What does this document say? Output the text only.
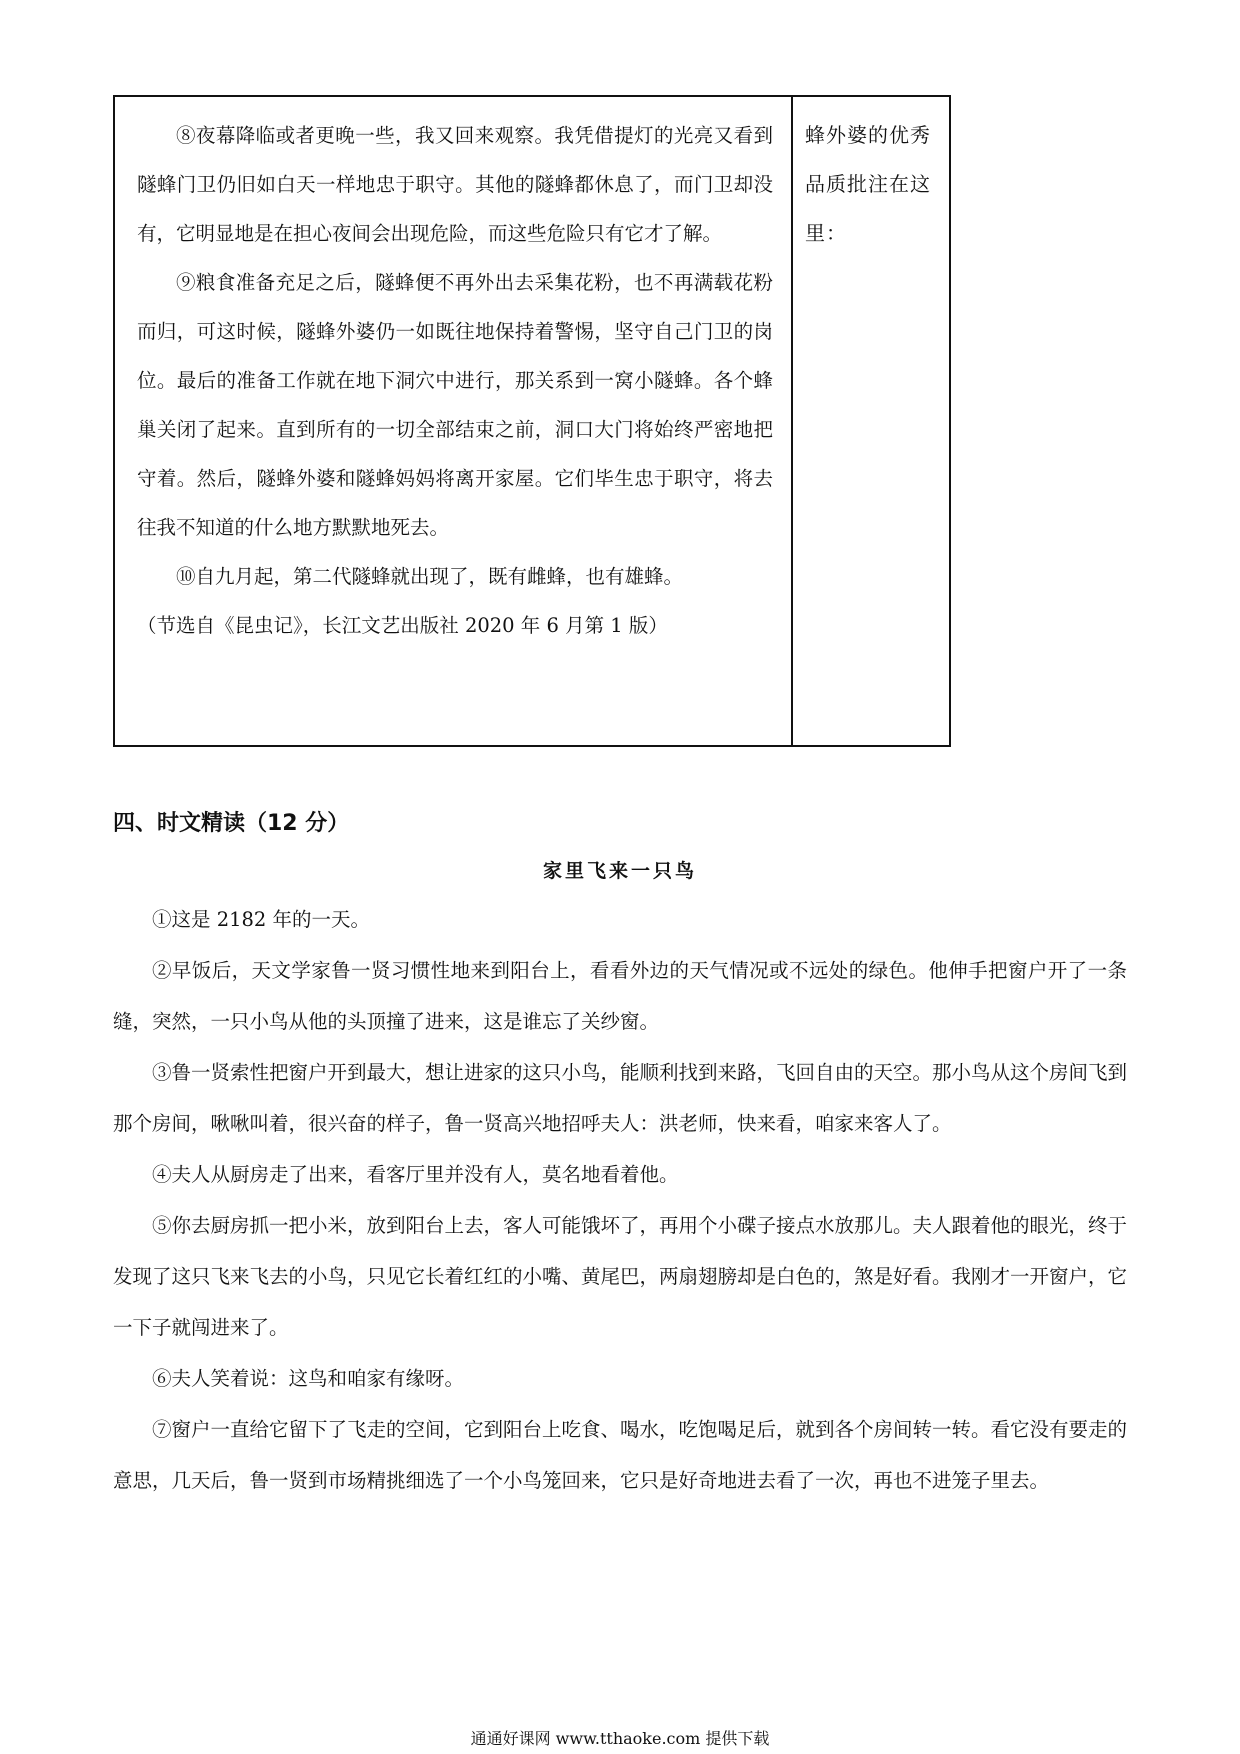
⑧夜幕降临或者更晚一些，我又回来观察。我凭借提灯的光亮又看到隧蜂门卫仍旧如白天一样地忠于职守。其他的隧蜂都休息了，而门卫却没有，它明显地是在担心夜间会出现危险，而这些危险只有它才了解。

⑨粮食准备充足之后，隧蜂便不再外出去采集花粉，也不再满载花粉而归，可这时候，隧蜂外婆仍一如既往地保持着警惕，坚守自己门卫的岗位。最后的准备工作就在地下洞穴中进行，那关系到一窝小隧蜂。各个蜂巢关闭了起来。直到所有的一切全部结束之前，洞口大门将始终严密地把守着。然后，隧蜂外婆和隧蜂妈妈将离开家屋。它们毕生忠于职守，将去往我不知道的什么地方默默地死去。

⑩自九月起，第二代隧蜂就出现了，既有雌蜂，也有雄蜂。

（节选自《昆虫记》，长江文艺出版社 2020 年 6 月第 1 版）

蜂外婆的优秀品质批注在这里：

四、时文精读（12 分）
家里飞来一只鸟

①这是 2182 年的一天。

②早饭后，天文学家鲁一贤习惯性地来到阳台上，看看外边的天气情况或不远处的绿色。他伸手把窗户开了一条缝，突然，一只小鸟从他的头顶撞了进来，这是谁忘了关纱窗。

③鲁一贤索性把窗户开到最大，想让进家的这只小鸟，能顺利找到来路，飞回自由的天空。那小鸟从这个房间飞到那个房间，啾啾叫着，很兴奋的样子，鲁一贤高兴地招呼夫人：洪老师，快来看，咱家来客人了。

④夫人从厨房走了出来，看客厅里并没有人，莫名地看着他。

⑤你去厨房抓一把小米，放到阳台上去，客人可能饿坏了，再用个小碟子接点水放那儿。夫人跟着他的眼光，终于发现了这只飞来飞去的小鸟，只见它长着红红的小嘴、黄尾巴，两扇翅膀却是白色的，煞是好看。我刚才一开窗户，它一下子就闯进来了。

⑥夫人笑着说：这鸟和咱家有缘呀。

⑦窗户一直给它留下了飞走的空间，它到阳台上吃食、喝水，吃饱喝足后，就到各个房间转一转。看它没有要走的意思，几天后，鲁一贤到市场精挑细选了一个小鸟笼回来，它只是好奇地进去看了一次，再也不进笼子里去。

通通好课网 www.tthaoke.com 提供下载
